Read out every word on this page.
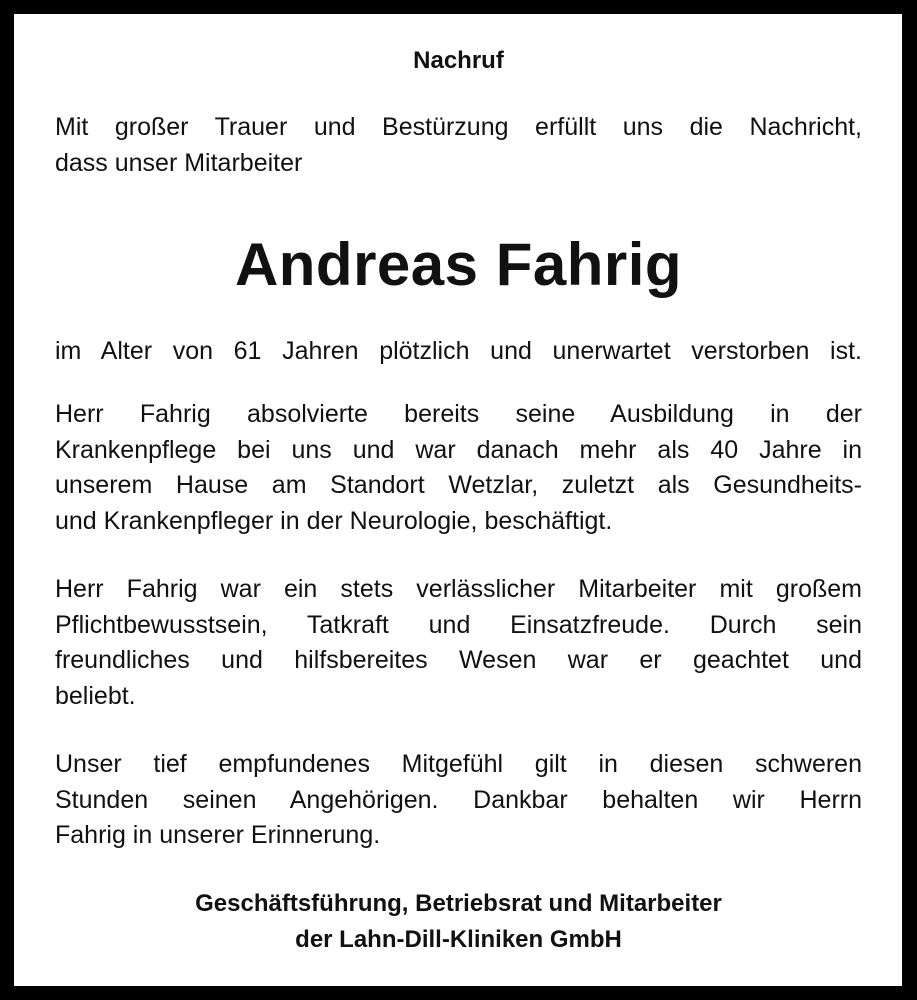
Nachruf
Mit großer Trauer und Bestürzung erfüllt uns die Nachricht,
dass unser Mitarbeiter
Andreas Fahrig
im Alter von 61 Jahren plötzlich und unerwartet verstorben ist.
Herr Fahrig absolvierte bereits seine Ausbildung in der
Krankenpflege bei uns und war danach mehr als 40 Jahre in
unserem Hause am Standort Wetzlar, zuletzt als Gesundheits-
und Krankenpfleger in der Neurologie, beschäftigt.
Herr Fahrig war ein stets verlässlicher Mitarbeiter mit großem
Pflichtbewusstsein, Tatkraft und Einsatzfreude. Durch sein
freundliches und hilfsbereites Wesen war er geachtet und
beliebt.
Unser tief empfundenes Mitgefühl gilt in diesen schweren
Stunden seinen Angehörigen. Dankbar behalten wir Herrn
Fahrig in unserer Erinnerung.
Geschäftsführung, Betriebsrat und Mitarbeiter
der Lahn-Dill-Kliniken GmbH
